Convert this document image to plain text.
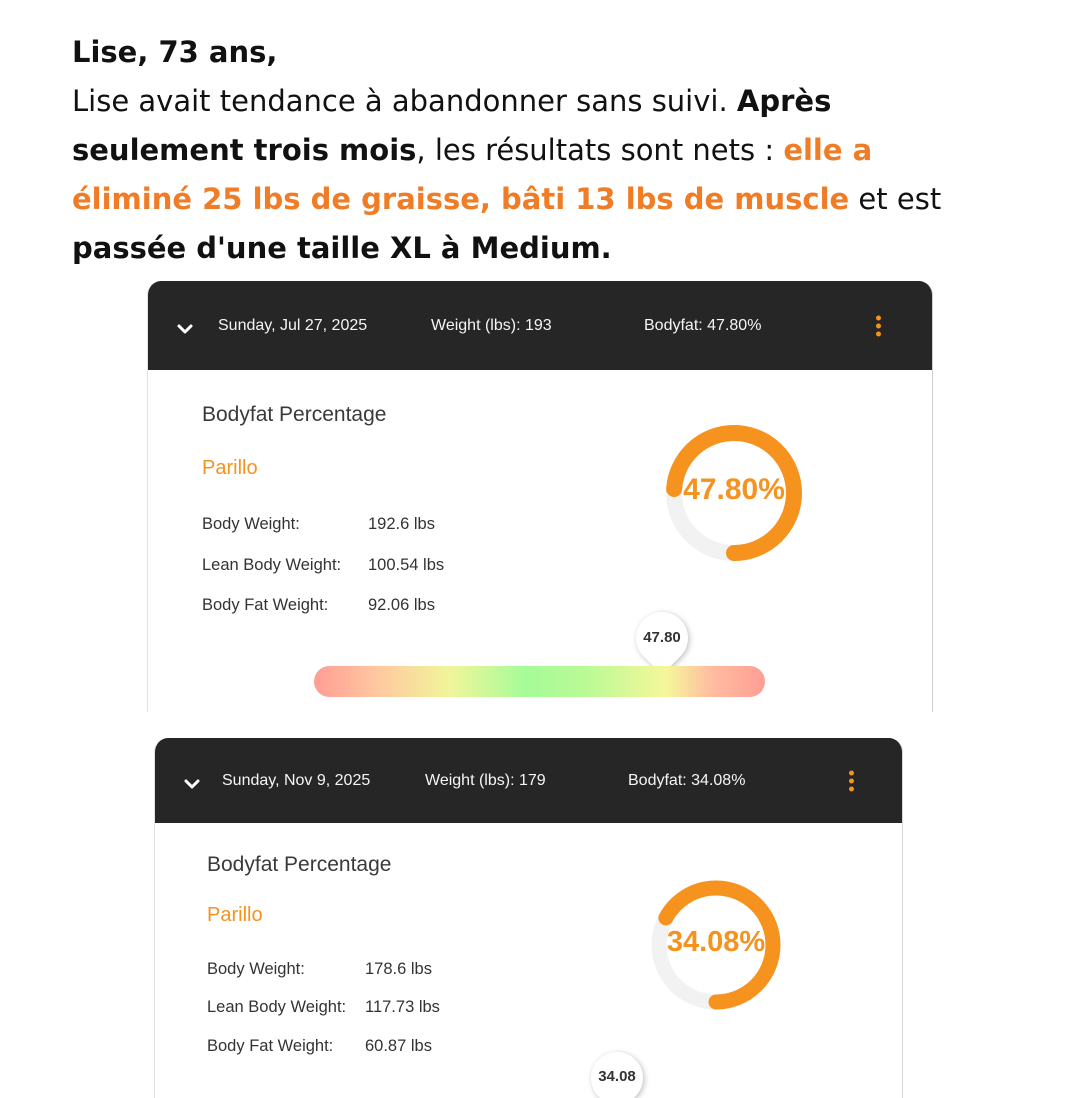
Lise, 73 ans,
Lise avait tendance à abandonner sans suivi. Après seulement trois mois, les résultats sont nets : elle a éliminé 25 lbs de graisse, bâti 13 lbs de muscle et est passée d'une taille XL à Medium.
Sunday, Jul 27, 2025	Weight (lbs): 193	Bodyfat: 47.80%
Bodyfat Percentage
Parillo
Body Weight:	192.6 lbs
Lean Body Weight: 100.54 lbs
Body Fat Weight: 92.06 lbs
47.80%
47.80
Sunday, Nov 9, 2025	Weight (lbs): 179	Bodyfat: 34.08%
Bodyfat Percentage
Parillo
Body Weight:	178.6 lbs
Lean Body Weight: 117.73 lbs
Body Fat Weight: 60.87 lbs
34.08%
34.08
